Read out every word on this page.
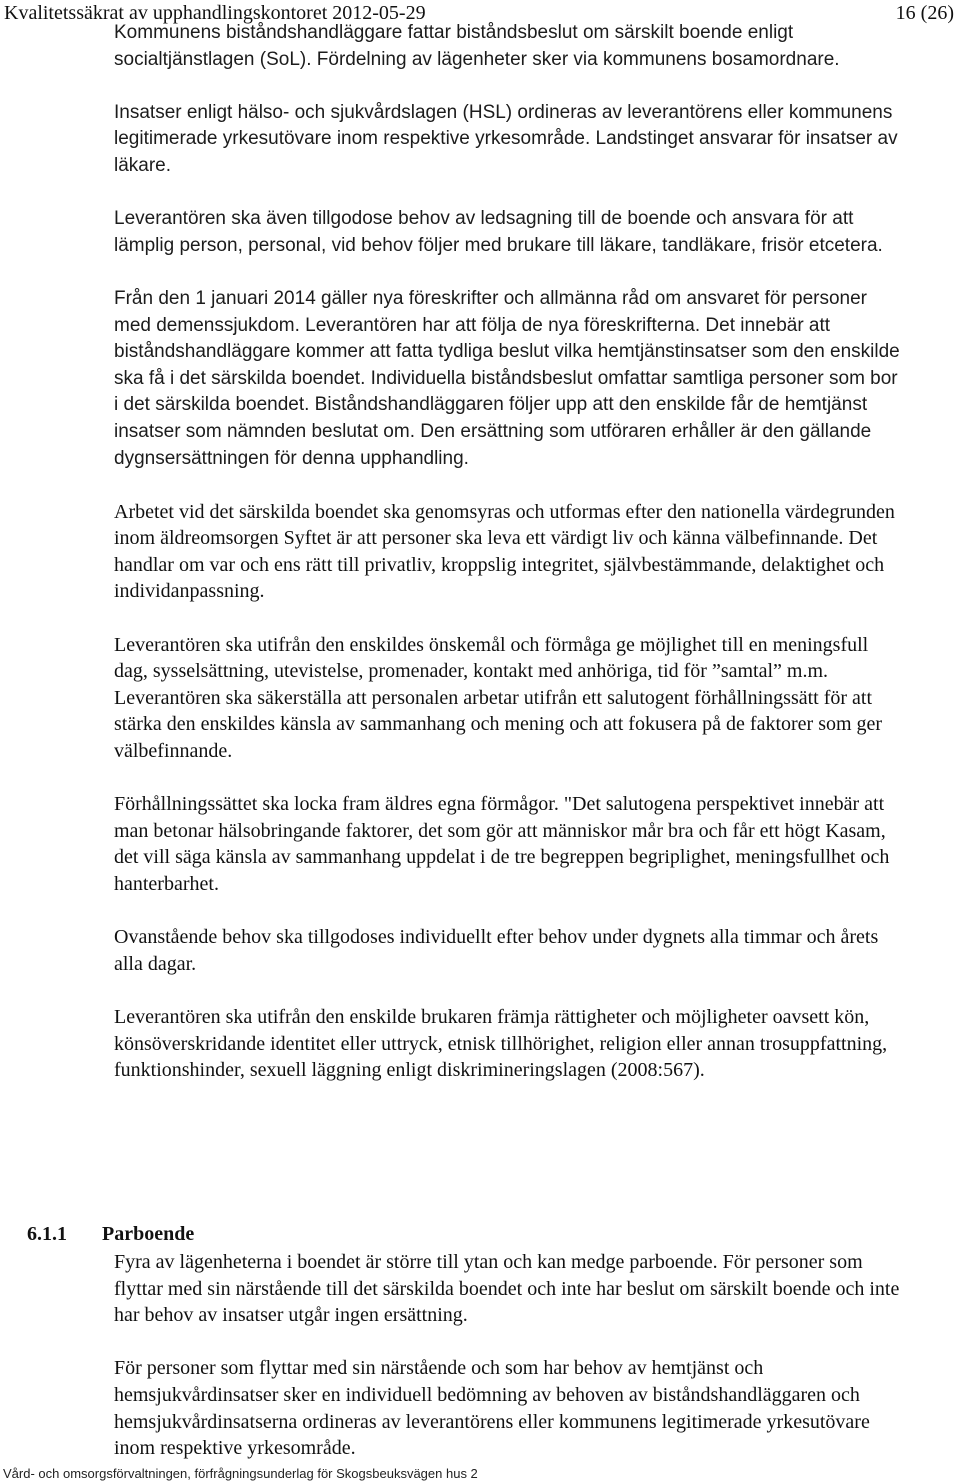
Kvalitetssäkrat av upphandlingskontoret 2012-05-29	16 (26)

Kommunens biståndshandläggare fattar biståndsbeslut om särskilt boende enligt socialtjänstlagen (SoL). Fördelning av lägenheter sker via kommunens bosamordnare.

Insatser enligt hälso- och sjukvårdslagen (HSL) ordineras av leverantörens eller kommunens legitimerade yrkesutövare inom respektive yrkesområde. Landstinget ansvarar för insatser av läkare.

Leverantören ska även tillgodose behov av ledsagning till de boende och ansvara för att lämplig person, personal, vid behov följer med brukare till läkare, tandläkare, frisör etcetera.

Från den 1 januari 2014 gäller nya föreskrifter och allmänna råd om ansvaret för personer med demenssjukdom. Leverantören har att följa de nya föreskrifterna. Det innebär att biståndshandläggare kommer att fatta tydliga beslut vilka hemtjänstinsatser som den enskilde ska få i det särskilda boendet. Individuella biståndsbeslut omfattar samtliga personer som bor i det särskilda boendet. Biståndshandläggaren följer upp att den enskilde får de hemtjänst insatser som nämnden beslutat om. Den ersättning som utföraren erhåller är den gällande dygnsersättningen för denna upphandling.

Arbetet vid det särskilda boendet ska genomsyras och utformas efter den nationella värdegrunden inom äldreomsorgen Syftet är att personer ska leva ett värdigt liv och känna välbefinnande. Det handlar om var och ens rätt till privatliv, kroppslig integritet, självbestämmande, delaktighet och individanpassning.

Leverantören ska utifrån den enskildes önskemål och förmåga ge möjlighet till en meningsfull dag, sysselsättning, utevistelse, promenader, kontakt med anhöriga, tid för ”samtal” m.m. Leverantören ska säkerställa att personalen arbetar utifrån ett salutogent förhållningssätt för att stärka den enskildes känsla av sammanhang och mening och att fokusera på de faktorer som ger välbefinnande.

Förhållningssättet ska locka fram äldres egna förmågor. "Det salutogena perspektivet innebär att man betonar hälsobringande faktorer, det som gör att människor mår bra och får ett högt Kasam, det vill säga känsla av sammanhang uppdelat i de tre begreppen begriplighet, meningsfullhet och hanterbarhet.

Ovanstående behov ska tillgodoses individuellt efter behov under dygnets alla timmar och årets alla dagar.

Leverantören ska utifrån den enskilde brukaren främja rättigheter och möjligheter oavsett kön, könsöverskridande identitet eller uttryck, etnisk tillhörighet, religion eller annan trosuppfattning, funktionshinder, sexuell läggning enligt diskrimineringslagen (2008:567).

6.1.1 Parboende

Fyra av lägenheterna i boendet är större till ytan och kan medge parboende. För personer som flyttar med sin närstående till det särskilda boendet och inte har beslut om särskilt boende och inte har behov av insatser utgår ingen ersättning.

För personer som flyttar med sin närstående och som har behov av hemtjänst och hemsjukvårdinsatser sker en individuell bedömning av behoven av biståndshandläggaren och hemsjukvårdinsatserna ordineras av leverantörens eller kommunens legitimerade yrkesutövare inom respektive yrkesområde.

Vård- och omsorgsförvaltningen, förfrågningsunderlag för Skogsbeuksvägen hus 2
